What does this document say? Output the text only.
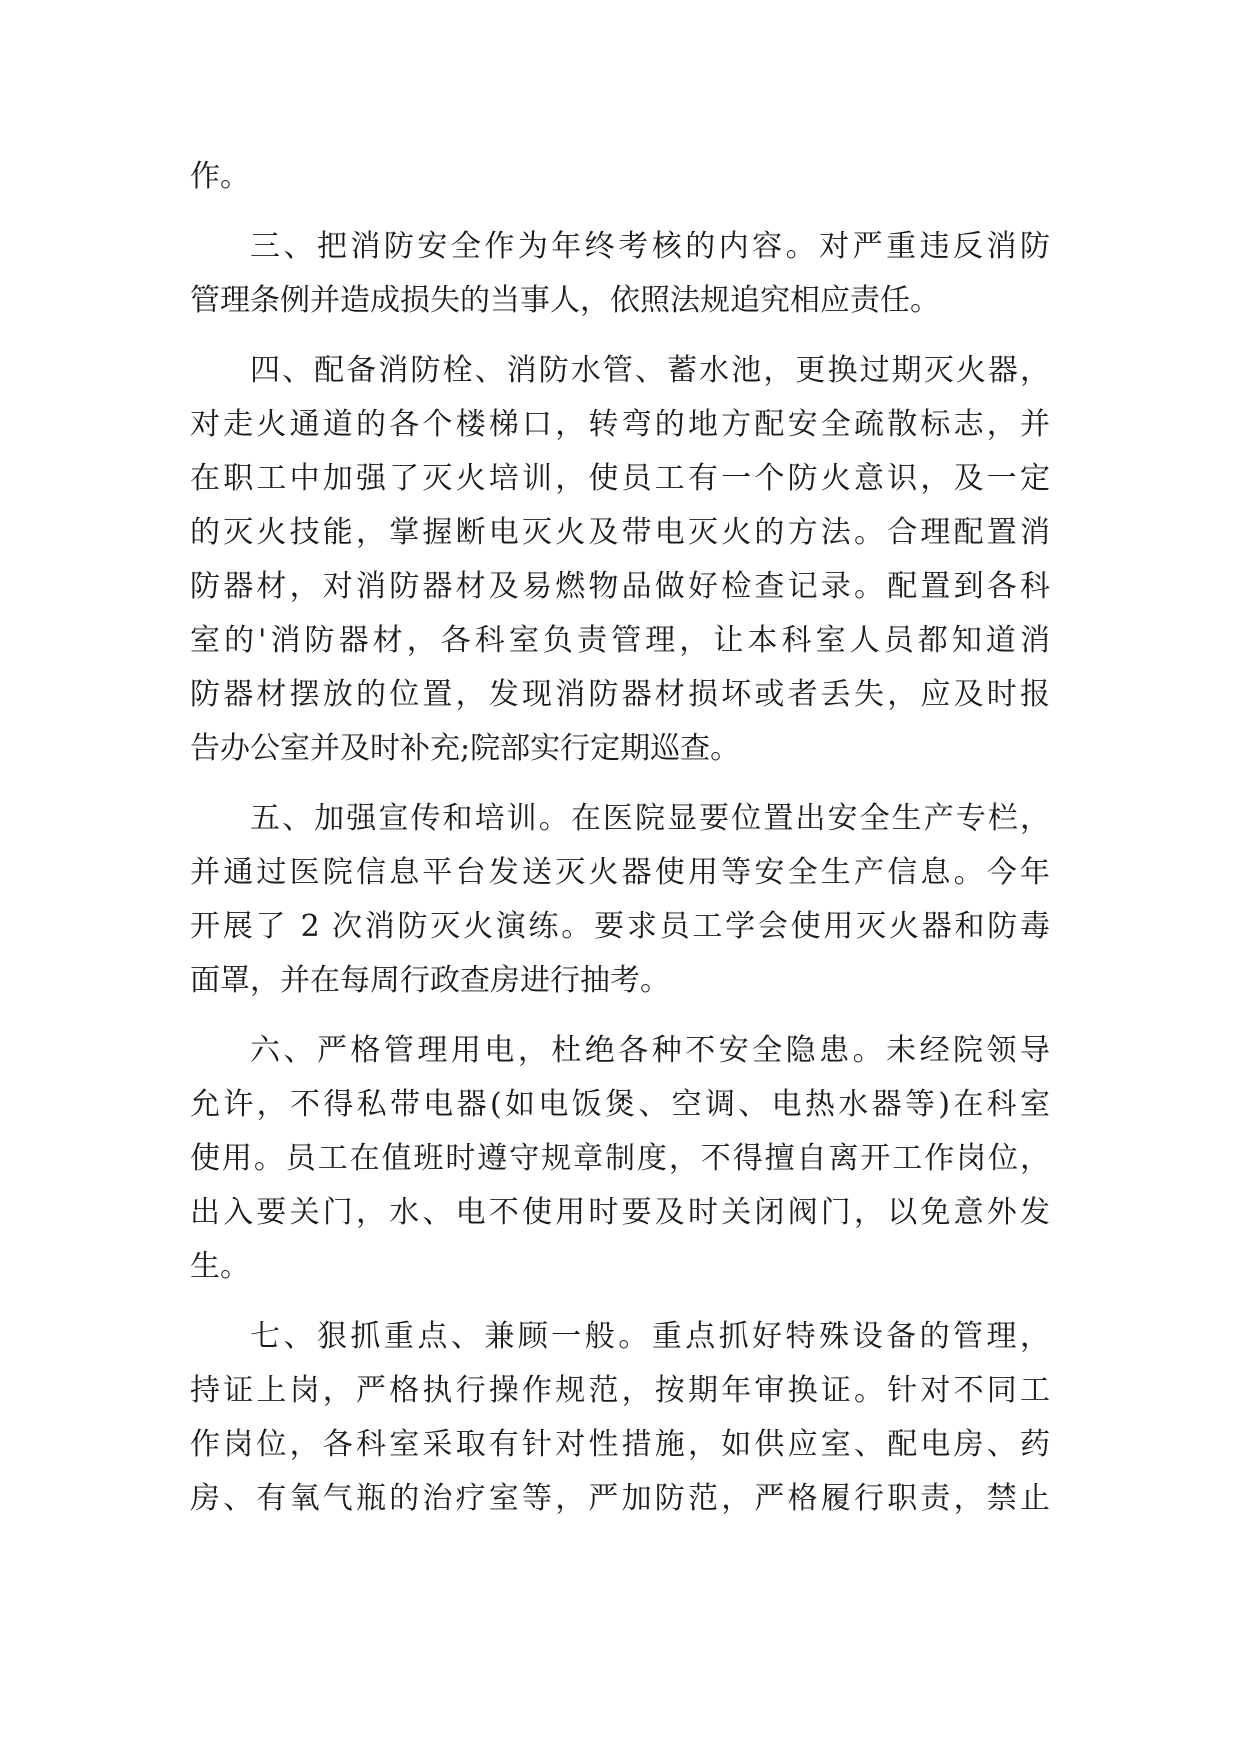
作。
三、把消防安全作为年终考核的内容。对严重违反消防
管理条例并造成损失的当事人，依照法规追究相应责任。
四、配备消防栓、消防水管、蓄水池，更换过期灭火器，
对走火通道的各个楼梯口，转弯的地方配安全疏散标志，并
在职工中加强了灭火培训，使员工有一个防火意识，及一定
的灭火技能，掌握断电灭火及带电灭火的方法。合理配置消
防器材，对消防器材及易燃物品做好检查记录。配置到各科
室的'消防器材，各科室负责管理，让本科室人员都知道消
防器材摆放的位置，发现消防器材损坏或者丢失，应及时报
告办公室并及时补充;院部实行定期巡查。
五、加强宣传和培训。在医院显要位置出安全生产专栏，
并通过医院信息平台发送灭火器使用等安全生产信息。今年
开展了 2 次消防灭火演练。要求员工学会使用灭火器和防毒
面罩，并在每周行政查房进行抽考。
六、严格管理用电，杜绝各种不安全隐患。未经院领导
允许，不得私带电器(如电饭煲、空调、电热水器等)在科室
使用。员工在值班时遵守规章制度，不得擅自离开工作岗位，
出入要关门，水、电不使用时要及时关闭阀门，以免意外发
生。
七、狠抓重点、兼顾一般。重点抓好特殊设备的管理，
持证上岗，严格执行操作规范，按期年审换证。针对不同工
作岗位，各科室采取有针对性措施，如供应室、配电房、药
房、有氧气瓶的治疗室等，严加防范，严格履行职责，禁止
